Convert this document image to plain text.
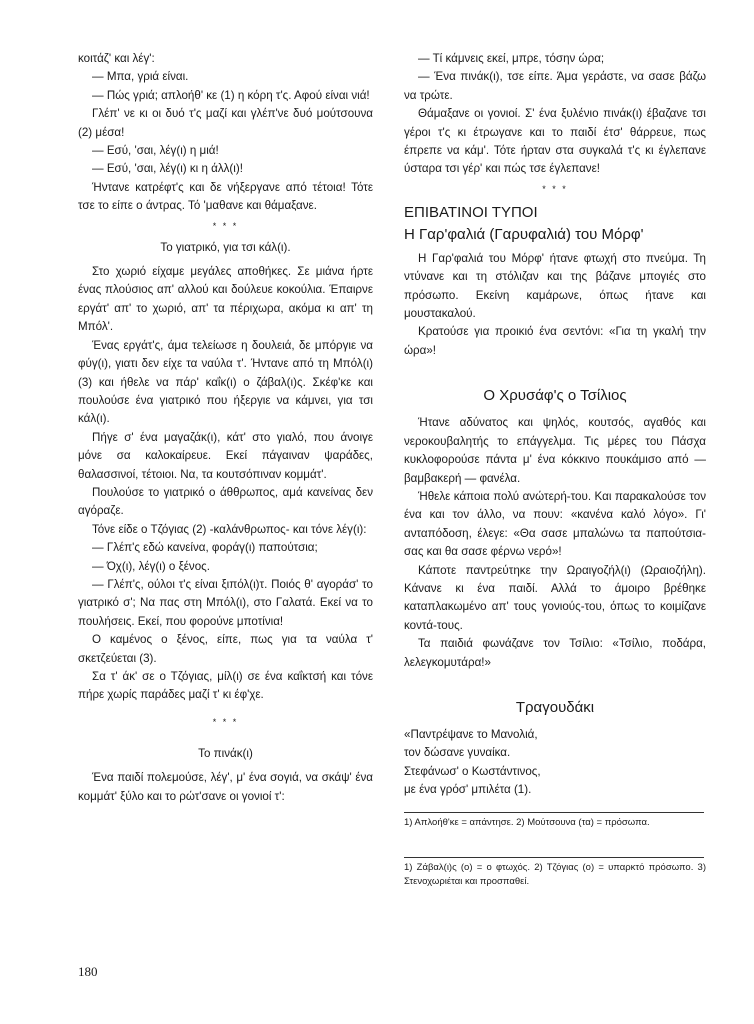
κοιτάζ' και λέγ':

— Μπα, γριά είναι.

— Πώς γριά; απλοήθ' κε (1) η κόρη τ'ς. Αφού είναι νιά!

Γλέπ' νε κι οι δυό τ'ς μαζί και γλέπ'νε δυό μούτσουνα (2) μέσα!

— Εσύ, 'σαι, λέγ(ι) η μιά!

— Εσύ, 'σαι, λέγ(ι) κι η άλλ(ι)!

Ήντανε κατρέφτ'ς και δε νήξεργανε από τέτοια! Τότε τσε το είπε ο άντρας. Τό 'μαθανε και θάμαξανε.

* * *
Το γιατρικό, για τσι κάλ(ι).

Στο χωριό είχαμε μεγάλες αποθήκες. Σε μιάνα ήρτε ένας πλούσιος απ' αλλού και δούλευε κοκούλια. Έπαιρνε εργάτ' απ' το χωριό, απ' τα πέριχωρα, ακόμα κι απ' τη Μπόλ'.

Ένας εργάτ'ς, άμα τελείωσε η δουλειά, δε μπόργιε να φύγ(ι), γιατι δεν είχε τα ναύλα τ'. Ήντανε από τη Μπόλ(ι) (3) και ήθελε να πάρ' καΐκ(ι) ο ζάβαλ(ι)ς. Σκέφ'κε και πουλούσε ένα γιατρικό που ήξεργιε να κάμνει, για τσι κάλ(ι).

Πήγε σ' ένα μαγαζάκ(ι), κάτ' στο γιαλό, που άνοιγε μόνε σα καλοκαίρευε. Εκεί πάγαιναν ψαράδες, θαλασσινοί, τέτοιοι. Να, τα κουτσόπιναν κομμάτ'.

Πουλούσε το γιατρικό ο άθθρωπος, αμά κανείνας δεν αγόραζε.

Τόνε είδε ο Τζόγιας (2) -καλάνθρωπος- και τόνε λέγ(ι):

— Γλέπ'ς εδώ κανείνα, φοράγ(ι) παπούτσια;

— Όχ(ι), λέγ(ι) ο ξένος.

— Γλέπ'ς, ούλοι τ'ς είναι ξιπόλ(ι)τ. Ποιός θ' αγοράσ' το γιατρικό σ'; Να πας στη Μπόλ(ι), στο Γαλατά. Εκεί να το πουλήσεις. Εκεί, που φορούνε μποτίνια!

Ο καμένος ο ξένος, είπε, πως για τα ναύλα τ' σκετζεύεται (3).

Σα τ' άκ' σε ο Τζόγιας, μίλ(ι) σε ένα καΐκτσή και τόνε πήρε χωρίς παράδες μαζί τ' κι έφ'χε.

* * *
Το πινάκ(ι)

Ένα παιδί πολεμούσε, λέγ', μ' ένα σογιά, να σκάψ' ένα κομμάτ' ξύλο και το ρώτ'σανε οι γονιοί τ':

— Τί κάμνεις εκεί, μπρε, τόσην ώρα;

— Ένα πινάκ(ι), τσε είπε. Άμα γεράστε, να σασε βάζω να τρώτε.

Θάμαξανε οι γονιοί. Σ' ένα ξυλένιο πινάκ(ι) έβαζανε τσι γέροι τ'ς κι έτρωγανε και το παιδί έτσ' θάρρευε, πως έπρεπε να κάμ'. Τότε ήρταν στα συγκαλά τ'ς κι έγλεπανε ύσταρα τσι γέρ' και πώς τσε έγλεπανε!

* * *
ΕΠΙΒΑΤΙΝΟΙ ΤΥΠΟΙ
Η Γαρ'φαλιά (Γαρυφαλιά) του Μόρφ'

Η Γαρ'φαλιά του Μόρφ' ήτανε φτωχή στο πνεύμα. Τη ντύνανε και τη στόλιζαν και της βάζανε μπογιές στο πρόσωπο. Εκείνη καμάρωνε, όπως ήτανε και μουστακαλού.

Κρατούσε για προικιό ένα σεντόνι: «Για τη γκαλή την ώρα»!

Ο Χρυσάφ'ς ο Τσίλιος

Ήτανε αδύνατος και ψηλός, κουτσός, αγαθός και νεροκουβαλητής το επάγγελμα. Τις μέρες του Πάσχα κυκλοφορούσε πάντα μ' ένα κόκκινο πουκάμισο από — βαμβακερή — φανέλα.

Ήθελε κάποια πολύ ανώτερή-του. Και παρακαλούσε τον ένα και τον άλλο, να πουν: «κανένα καλό λόγο». Γι' ανταπόδοση, έλεγε: «Θα σασε μπαλώνω τα παπούτσια-σας και θα σασε φέρνω νερό»!

Κάποτε παντρεύτηκε την Ωραιγοζήλ(ι) (Ωραιοζήλη). Κάνανε κι ένα παιδί. Αλλά το άμοιρο βρέθηκε καταπλακωμένο απ' τους γονιούς-του, όπως το κοιμίζανε κοντά-τους.

Τα παιδιά φωνάζανε τον Τσίλιο: «Τσίλιο, ποδάρα, λελεγκομυτάρα!»

Τραγουδάκι

«Παντρέψανε το Μανολιά,

τον δώσανε γυναίκα.

Στεφάνωσ' ο Κωστάντινος,

με ένα γρόσ' μπιλέτα (1).

1) Απλοήθ'κε = απάντησε. 2) Μούτσουνα (τα) = πρόσωπα.

1) Ζάβαλ(ι)ς (ο) = ο φτωχός. 2) Τζόγιας (ο) = υπαρκτό πρόσωπο. 3) Στενοχωριέται και προσπαθεί.

180
